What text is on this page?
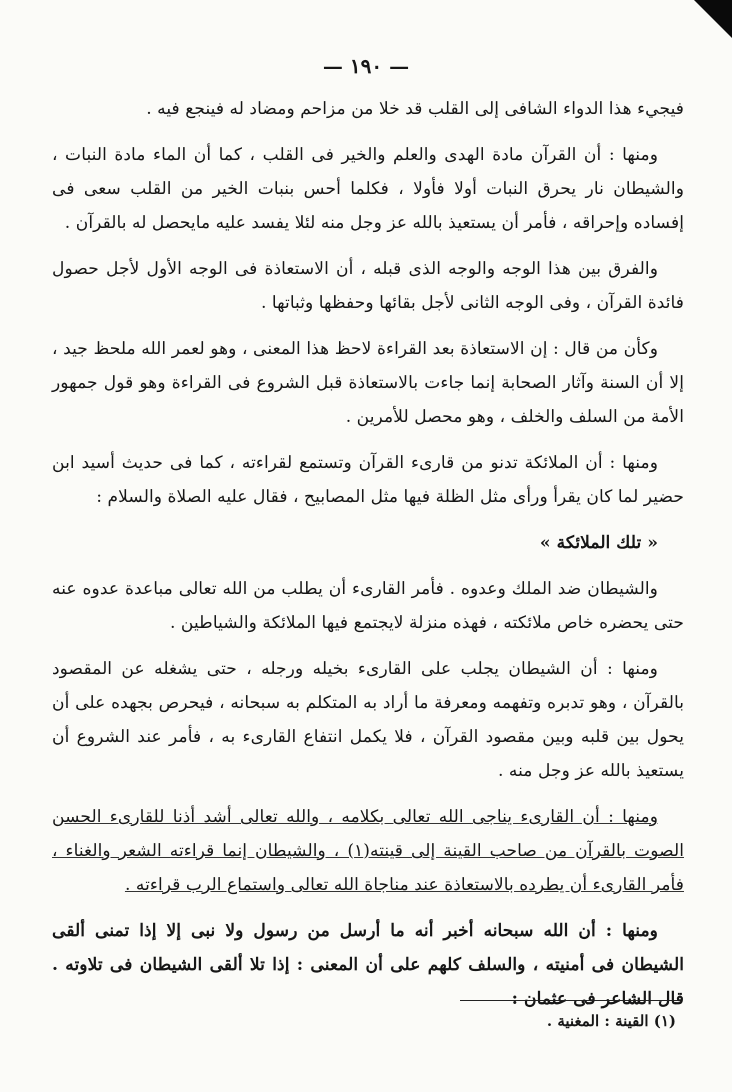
— ١٩٠ —

فيجيء هذا الدواء الشافى إلى القلب قد خلا من مزاحم ومضاد له فينجع فيه .

ومنها : أن القرآن مادة الهدى والعلم والخير فى القلب ، كما أن الماء مادة النبات ، والشيطان نار يحرق النبات أولا فأولا ، فكلما أحس بنبات الخير من القلب سعى فى إفساده وإحراقه ، فأمر أن يستعيذ بالله عز وجل منه لئلا يفسد عليه مايحصل له بالقرآن .

والفرق بين هذا الوجه والوجه الذى قبله ، أن الاستعاذة فى الوجه الأول لأجل حصول فائدة القرآن ، وفى الوجه الثانى لأجل بقائها وحفظها وثباتها .

وكأن من قال : إن الاستعاذة بعد القراءة لاحظ هذا المعنى ، وهو لعمر الله ملحظ جيد ، إلا أن السنة وآثار الصحابة إنما جاءت بالاستعاذة قبل الشروع فى القراءة وهو قول جمهور الأمة من السلف والخلف ، وهو محصل للأمرين .

ومنها : أن الملائكة تدنو من قارىء القرآن وتستمع لقراءته ، كما فى حديث أسيد ابن حضير لما كان يقرأ ورأى مثل الظلة فيها مثل المصابيح ، فقال عليه الصلاة والسلام :

« تلك الملائكة »

والشيطان ضد الملك وعدوه . فأمر القارىء أن يطلب من الله تعالى مباعدة عدوه عنه حتى يحضره خاص ملائكته ، فهذه منزلة لايجتمع فيها الملائكة والشياطين .

ومنها : أن الشيطان يجلب على القارىء بخيله ورجله ، حتى يشغله عن المقصود بالقرآن ، وهو تدبره وتفهمه ومعرفة ما أراد به المتكلم به سبحانه ، فيحرص بجهده على أن يحول بين قلبه وبين مقصود القرآن ، فلا يكمل انتفاع القارىء به ، فأمر عند الشروع أن يستعيذ بالله عز وجل منه .

ومنها : أن القارىء يناجى الله تعالى بكلامه ، والله تعالى أشد أذنا للقارىء الحسن الصوت بالقرآن من صاحب القينة إلى قينته(١) ، والشيطان إنما قراءته الشعر والغناء ، فأمر القارىء أن يطرده بالاستعاذة عند مناجاة الله تعالى واستماع الرب قراءته .

ومنها : أن الله سبحانه أخبر أنه ما أرسل من رسول ولا نبى إلا إذا تمنى ألقى الشيطان فى أمنيته ، والسلف كلهم على أن المعنى : إذا تلا ألقى الشيطان فى تلاوته . قال الشاعر فى عثمان :

(١) القينة : المغنية .
